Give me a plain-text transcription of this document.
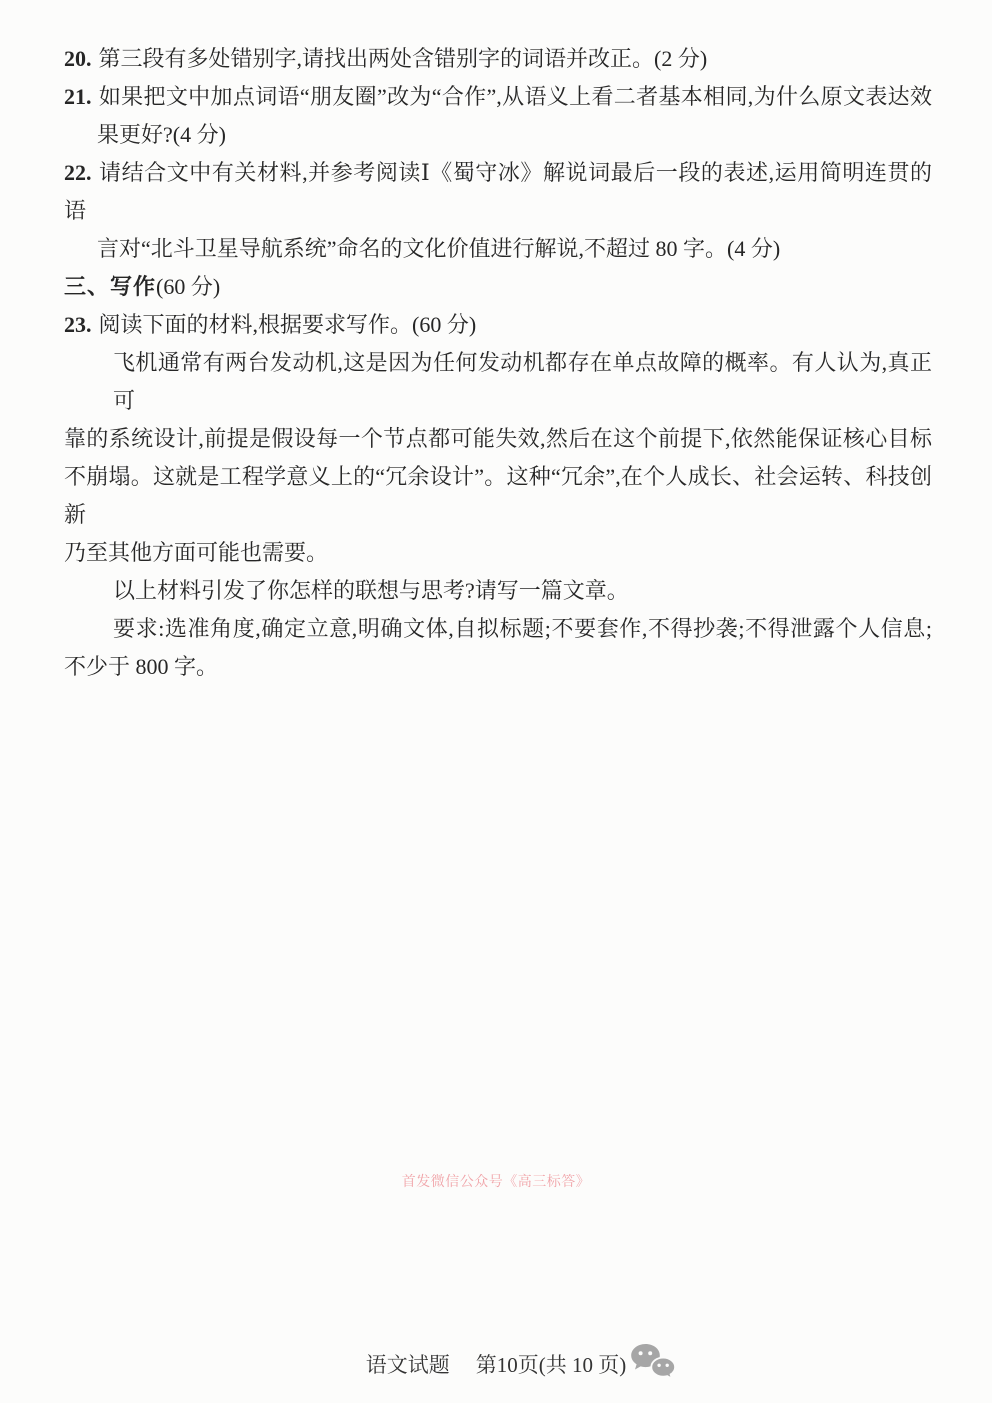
20. 第三段有多处错别字,请找出两处含错别字的词语并改正。(2 分)
21. 如果把文中加点词语“朋友圈”改为“合作”,从语义上看二者基本相同,为什么原文表达效
果更好?(4 分)
22. 请结合文中有关材料,并参考阅读Ⅰ《蜀守冰》解说词最后一段的表述,运用简明连贯的语
言对“北斗卫星导航系统”命名的文化价值进行解说,不超过 80 字。(4 分)
三、写作(60 分)
23. 阅读下面的材料,根据要求写作。(60 分)
飞机通常有两台发动机,这是因为任何发动机都存在单点故障的概率。有人认为,真正可
靠的系统设计,前提是假设每一个节点都可能失效,然后在这个前提下,依然能保证核心目标
不崩塌。这就是工程学意义上的“冗余设计”。这种“冗余”,在个人成长、社会运转、科技创新
乃至其他方面可能也需要。
以上材料引发了你怎样的联想与思考?请写一篇文章。
要求:选准角度,确定立意,明确文体,自拟标题;不要套作,不得抄袭;不得泄露个人信息;
不少于 800 字。
首发微信公众号《高三标答》
语文试题 第10页(共 10 页)
